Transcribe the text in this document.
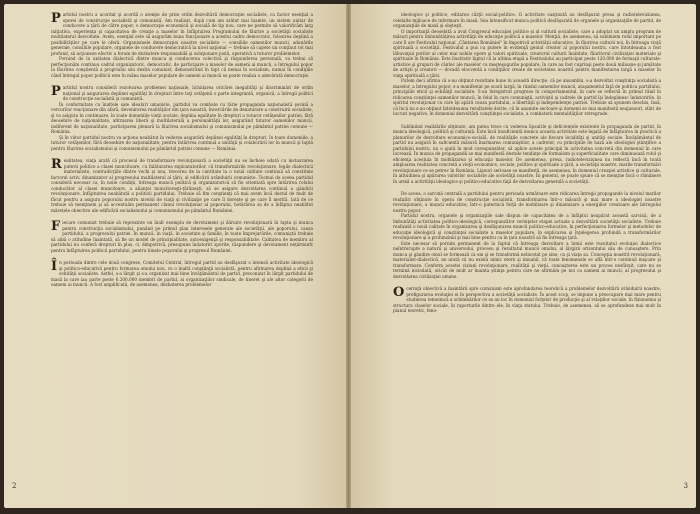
Partidul nostru a acordat şi acordă o atenţie de prim ordin dezvoltării democraţiei socialiste, ca factor esenţial a operei de construcţie socialistă şi comunistă. Am realizat, după cum am arătat mai înainte, un sistem unitar de conducere a ţării de către popor, o democraţie economică şi socială de tip nou, care ne permite să valorificăm larg iniţiativa, experienţa şi capacitatea de creaţie a maselor în înfăptuirea Programului de făurire a societăţii socialiste multilateral dezvoltate. Avem, esenţial este să asigurăm buna funcţionare a acestui cadru democratic, folosirea deplină a posibilităţilor pe care le oferă. Organismele democraţiei noastre socialiste — consiliile oamenilor muncii, adunările generale, consiliile populare, organele de conducere democratică la nivel naţional — trebuie să capete un conţinut tot mai profund, să acţioneze efectiv a forum de dezbatere responsabilă şi soluţionare justă, operativă a tuturor problemelor.

Pornind de la unitatea dialectică dintre munca şi conducerea colectivă şi răspunderea personală, va trebui să perfecţionăm continuu cadrul organizatoric, democratic, de participare a maselor de oameni ai muncii, a întregului popor la făurirea conştientă a propriului său destin comunist, demonstrând în fapt că nemai în socialism, numai în condiţiile când întregul popor politică este în mâna maselor populare de oameni ai muncii se poate realiza o adevărată democraţie.

Partidul nostru consideră rezolvarea problemei naţionale, lichidarea oricărei inegalităţi şi discriminări de ordin naţional şi asigurarea deplinei egalităţi în drepturi între toţi cetăţenii o parte integrantă, organică, a întregii politici de construcţie socialistă şi comunistă.

În conformitate cu înaltele sale idealuri umaniste, partidul va combate cu tărie propaganda naţionalistă şovină a cercurilor reacţionare din afară, devenirarea realităţilor din ţara noastră, încercările de denaturare a construirii socialiste, şi va asigura în continuare, în toate domeniile vieţii sociale, deplina egalitate în drepturi a tuturor cetăţenilor patriei, fără deosebire de naţionalitate, afirmarea liberă şi multilaterală a personalităţii lor, asigurând tuturor oamenilor muncii, indiferent de naţionalitate, participarea plenară la făurirea socialismului şi comunismului pe pământul patriei comune — România.

Şi în viitor partidul nostru va acţiona neabătut în vederea asigurării deplinei egalităţi în drepturi, în toate domeniile, a tuturor cetăţenilor, fără deosebire de naţionalitate, pentru întărirea continuă a unităţii şi colaborării lor în muncă şi luptă pentru făurirea socialismului şi comunismului pe pământul patriei comune — România.

Realitatea, viaţa arată că procesul de transformare revoluţionară a societăţii nu se încheie odată cu instaurarea puterii politice a clasei muncitoare, cu înlăturarea exploatatorilor, că transformările revoluţionare, legile dialecticii materialiste, contradicţiile dintre vechi şi nou, trecerea de la cantitate la o nouă calitate continuă să constituie factorul activ, dinamizator al progresului multilateral al ţării, al edificării orânduirii comuniste. Tocmai de aceea partidul consideră necesar ca, în noile condiţii, întreaga muncă politică şi organizatorică să fie orientată spre întărirea rolului conducător al clasei muncitoare, a alianţei muncitoreşti-ţărăneşti, să se asigure dezvoltarea continuă a gândirii revoluţionare, înfăptuirea neabătută a politicii partidului. Trebuie să fim conştienţi că mai avem încă destul de mult de făcut pentru a asigura poporului nostru nivelul de viaţă şi civilizaţie pe care îl doreşte şi pe care îl merită. Iată de ce trebuie să menţinem şi să accentuăm permanent clanul revoluţionar al poporului, hotărârea sa de a înfăptui neabătut mărețele obiective ale edificării socialismului şi comunismului pe pământul României.

Fiecare comunist trebuie să reprezinte un înalt exemplu de devotament şi dăruire revoluţionară în lupta şi munca pentru construcţia socialismului, punând pe primul plan interesele generale ale societăţii, ale poporului, cauza partidului, a progresului patriei. În muncă, în viaţă, în societate şi familie, în toate împrejurările, comuniştii trebuie să aibă o atitudine înaintată, să fie un model de principialitate, autoexigenţă şi responsabilitate. Calitatea de membru al partidului nu conferă drepturi în plus, ci, dimpotrivă, presupune îndatoriri sporite, răspundere şi devotament neţărmurit pentru înfăptuirea politicii partidului, pentru binele poporului şi progresul României.

În perioada dintre cele două congrese, Comitetul Central, întregul partid au desfăşurat o intensă activitate ideologică şi politico-educativă pentru formarea omului nou, cu o înaltă conştiinţă socialistă, pentru afirmarea deplină a eticii şi echităţii socialiste. Astfel, s-a lărgit şi s-a organizat mai bine învăţământul de partid, preconizat în lărgit partidului de masă la care iau parte peste 6.200.000 membri de partid, ai organizaţiilor sindicale, de tineret şi ale altor categorii de oameni ai muncii. A fost amplificată, de asemenea, dezbaterea problemelor

2

ideologice şi politice, editarea cărţii social-politice. O activitate susţinută au desfăşurat presa şi radioteleviziunea, celelalte mijloace de informare în masă. Sea intensificat munca politică desfăşurată de organele şi organizaţiile de partid, de organizaţiile de masă şi obşteşti.

O importanţă deosebită a avut Congresul educaţiei politice şi al culturii socialiste, care a adoptat un amplu program de măsuri pentru îmbunătăţirea activităţii de educaţie politică a maselor. Menţiă, de asemenea, să subliniem rolul important pe care îl are Festivalul naţional „Cântarea României" în împotrivă activităţii educative, în făurirea culturii noi, în întreaga viaţă spirituală a societăţii. Festivalul a pus cu putere în evidenţă geniul creator al poporului nostru, care întotdeauna a fost lăbuvaţiul porilor al celor mai nobile opere şi valori spirituale, creatorul culturii înaintate, făuritorul civilizaţiei materiale şi spirituale în România. Este ilustrativ faptul că la ultima etapă a Festivalului au participat peste 120.000 de formaţii culturale-artistice şi grupuri de cântec ale maselor cu meşteşugurile populare, în care au fost cuprinşi peste două milioane şi jumătate de artişti şi creatori — dovadă elocventă a condiţiilor create de societatea noastră pentru manifestarea largă a maselor în viaţa spirituală a ţării.

Putem deci afirma că s-au obţinut rezultate bune în această direcţie, că pe ansamblu, s-a dezvoltat conştiinţa socialistă a maselor, a întregului popor, s-a manifestat pe scară largă, în rândul oamenilor muncii, ataşamentul faţă de politica partidului, principiile eticii şi echităţii socialiste. S-au înregistrat progrese în comportamentul, în care se reflectă în primul rând în ridicarea conştiinţei oamenilor muncii, în felul în care comuniştii, activiştii şi cadrele de partid îşi îndeplinesc îndatoririle, în spiritul revoluţionar cu care îşi apără cauza partidului, a libertăţii şi independenţei patriei. Trebuie să spunem deschis, însă, că încă nu s-au obţinut întotdeauna rezultatele dorite, că în anumite sectoare şi domenii se mai manifestă neajunsuri, stări de lucruri negative, în domeniul dezvoltării conştiinţei socialiste, a combaterii mentalităţilor retrograde.

Subliniind realizările obţinute, am putea trece cu vederea lipsurile şi deficienţele existente în propaganda de partid, în munca ideologică, politică şi culturală. Este încă insuficientă munca aceasta activitate este legată de înfăptuirea în practică a planurilor de dezvoltare economico-socială, de realităţile concrete ale fiecare localităţi şi unităţi sociale. Învăţământul de partid nu asigură în suficientă măsură înarmarea comuniştilor, a cadrelor, cu principiile de bază ale ideologiei ştiinţifice a partidului nostru, nu o ajută în mod corespunzător, să aplice aceste principii în activitatea concretă din domeniul în care lucrează. În munca de propagandă se mai manifestă destule tendinţe de formalism şi superficialitate care diminuează rolul şi eficienţa acestuia în mobilizarea şi educaţia maselor. De asemenea, presa, radioteleviziunea nu reflectă încă în toată amploarea realitatea concretă a vieţii economice, sociale, politice şi spirituale a ţării, a societăţii noastre, marile transformări revoluţionare ce se petrec în România. Lipsuri serioase se manifestă, de asemenea, în domeniul creaţiei artistice şi culturale, în atitudinea şi apărarea valorilor socialiste ale societăţii noastre. În general, se poate spune că se menţine încă o rămânere în urmă a activităţii ideologice şi politico-educative faţă de dezvoltarea generală a societăţii.

De aceea, o sarcină centrală a partidului pentru perioada următoare este ridicarea întregii propagande la nivelul marilor realizări obţinute în opera de construcţie socialistă, transformarea într-o măsură şi mai mare a ideologiei noastre revoluţionare, a muncii educative, într-o puternică forţă de mobilizare şi dinamizare a energiilor creatoare ale întregului nostru popor.

Partidul nostru, organele şi organizaţiile sale dispun de capacitatea de a înfăptui neapărat această sarcină, de a îmbunătăţi activitatea politico-ideologică, corespunzător cerinţelor etapei actuale a dezvoltării societăţii socialiste. Trebuie realizată o nouă calitate în organizarea şi desfăşurarea muncii politico-educative, în perfecţionarea formelor şi metodelor de educaţie ideologică şi conştiinţei socialiste a maselor populare, în explicarea şi înţelegerea profundă a transformărilor revoluţionare şi a profunzimii şi mai bine pentru ca în ţara noastră să fie întreaga ţară.

Este necesar să pornim permanent de la faptul că întreaga dezvoltare a lumii este rezultatul evoluţiei dialectice neîntrerupte a naturii şi universului, procesu şi rezultatul muncii omului, al lărgirii orizontului său de cunoaştere. Prin munca şi gândire omul se formează ca om şi se transformă neîncetat pe sine, ca şi viaţa sa. Concepţia noastră revoluţionară, materialist-dialectică, ne arată că nu există nimic etern şi imuabil, că toate fenomenele se află într-o continuă mişcare şi transformare. Conform acestei viziuni revoluţionare, realităţii şi vieţii, cunoaşterea este un proces nesfârşit, care nu se termină niciodată, oricât de mult ar înainta ştiinţa pentru care ne afirmăm pe noi ca oameni ai muncii, al progresului şi dezvoltarea civilizaţiei umane.

Ocerinţă obiectivă a înaintării spre comunism este aprofundarea teoretică a problemelor dezvoltării orânduirii noastre, prefigurarea evoluţiei ei în perspectiva a societăţii socialiste. În acest scop, se impune a preocupare mai mare pentru studierea temeinică a schimbărilor ce se au loc în domeniul forţelor de producţie şi al relaţiilor sociale, în fizionomia şi structura claselor sociale, în raporturile dintre ele, în viaţa statului. Trebuie, de asemenea, să se aprofundeze mai mult în planul teoretic, feno-

3
